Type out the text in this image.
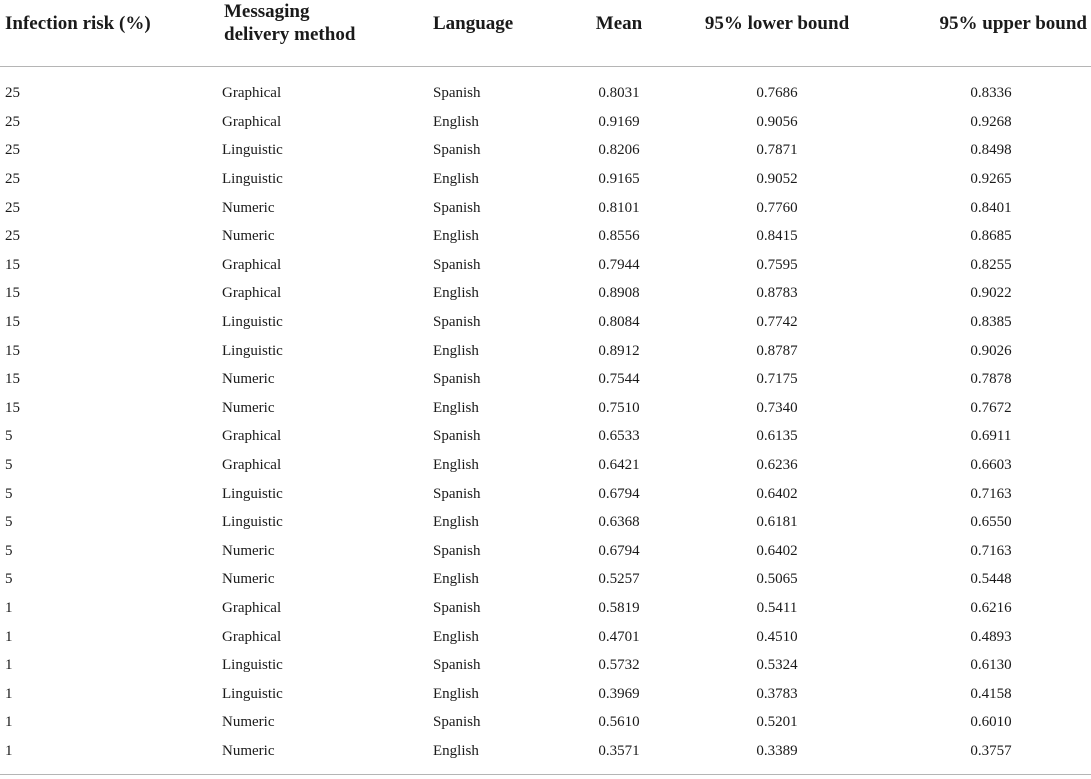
Infection risk (%)	Messaging delivery method	Language	Mean	95% lower bound	95% upper bound

25	Graphical	Spanish	0.8031	0.7686	0.8336
25	Graphical	English	0.9169	0.9056	0.9268
25	Linguistic	Spanish	0.8206	0.7871	0.8498
25	Linguistic	English	0.9165	0.9052	0.9265
25	Numeric	Spanish	0.8101	0.7760	0.8401
25	Numeric	English	0.8556	0.8415	0.8685
15	Graphical	Spanish	0.7944	0.7595	0.8255
15	Graphical	English	0.8908	0.8783	0.9022
15	Linguistic	Spanish	0.8084	0.7742	0.8385
15	Linguistic	English	0.8912	0.8787	0.9026
15	Numeric	Spanish	0.7544	0.7175	0.7878
15	Numeric	English	0.7510	0.7340	0.7672
5	Graphical	Spanish	0.6533	0.6135	0.6911
5	Graphical	English	0.6421	0.6236	0.6603
5	Linguistic	Spanish	0.6794	0.6402	0.7163
5	Linguistic	English	0.6368	0.6181	0.6550
5	Numeric	Spanish	0.6794	0.6402	0.7163
5	Numeric	English	0.5257	0.5065	0.5448
1	Graphical	Spanish	0.5819	0.5411	0.6216
1	Graphical	English	0.4701	0.4510	0.4893
1	Linguistic	Spanish	0.5732	0.5324	0.6130
1	Linguistic	English	0.3969	0.3783	0.4158
1	Numeric	Spanish	0.5610	0.5201	0.6010
1	Numeric	English	0.3571	0.3389	0.3757
